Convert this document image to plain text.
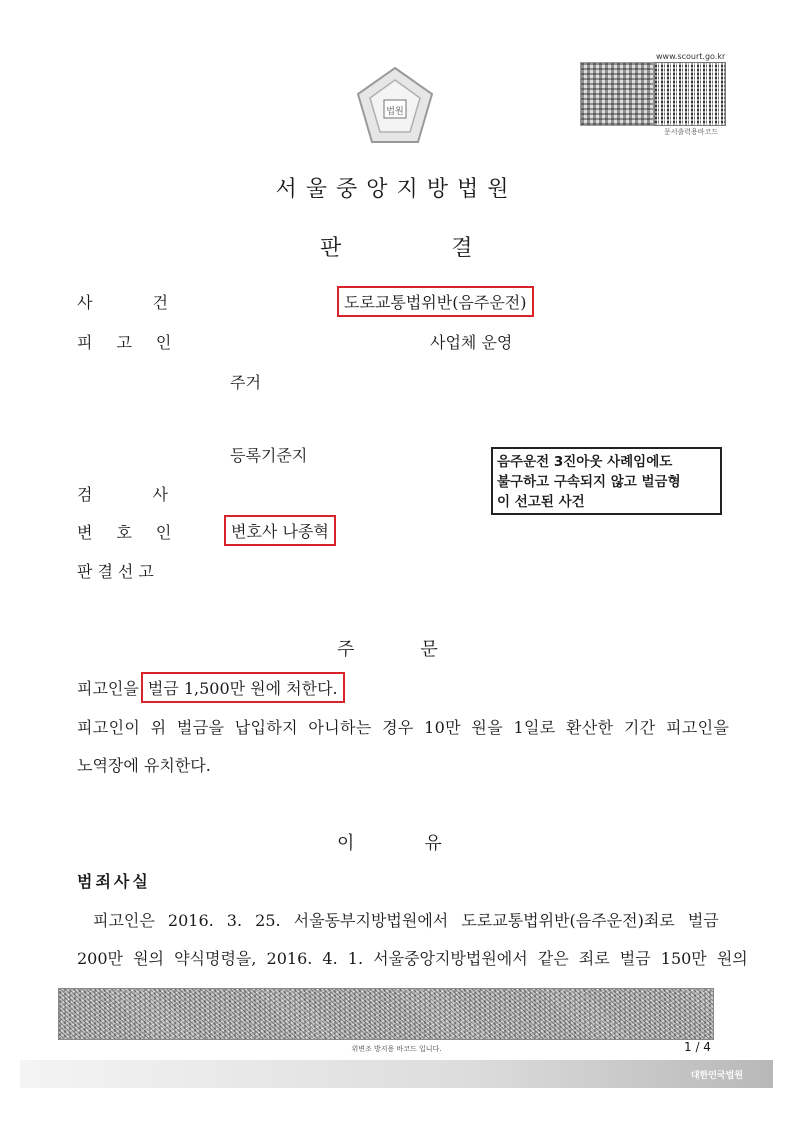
법원
www.scourt.go.kr
문서출력용바코드
서울중앙지방법원
판결
사건	도로교통법위반(음주운전)
피고인	사업체 운영
주거
등록기준지
검사
변호인	변호사 나종혁
판결선고
음주운전 3진아웃 사례임에도
불구하고 구속되지 않고 벌금형
이 선고된 사건
주문
피고인을 벌금 1,500만 원에 처한다.
피고인이 위 벌금을 납입하지 아니하는 경우 10만 원을 1일로 환산한 기간 피고인을
노역장에 유치한다.
이유
범죄사실
피고인은 2016. 3. 25. 서울동부지방법원에서 도로교통법위반(음주운전)죄로 벌금
200만 원의 약식명령을, 2016. 4. 1. 서울중앙지방법원에서 같은 죄로 벌금 150만 원의
위변조 방지용 바코드 입니다.	1 / 4
대한민국법원
